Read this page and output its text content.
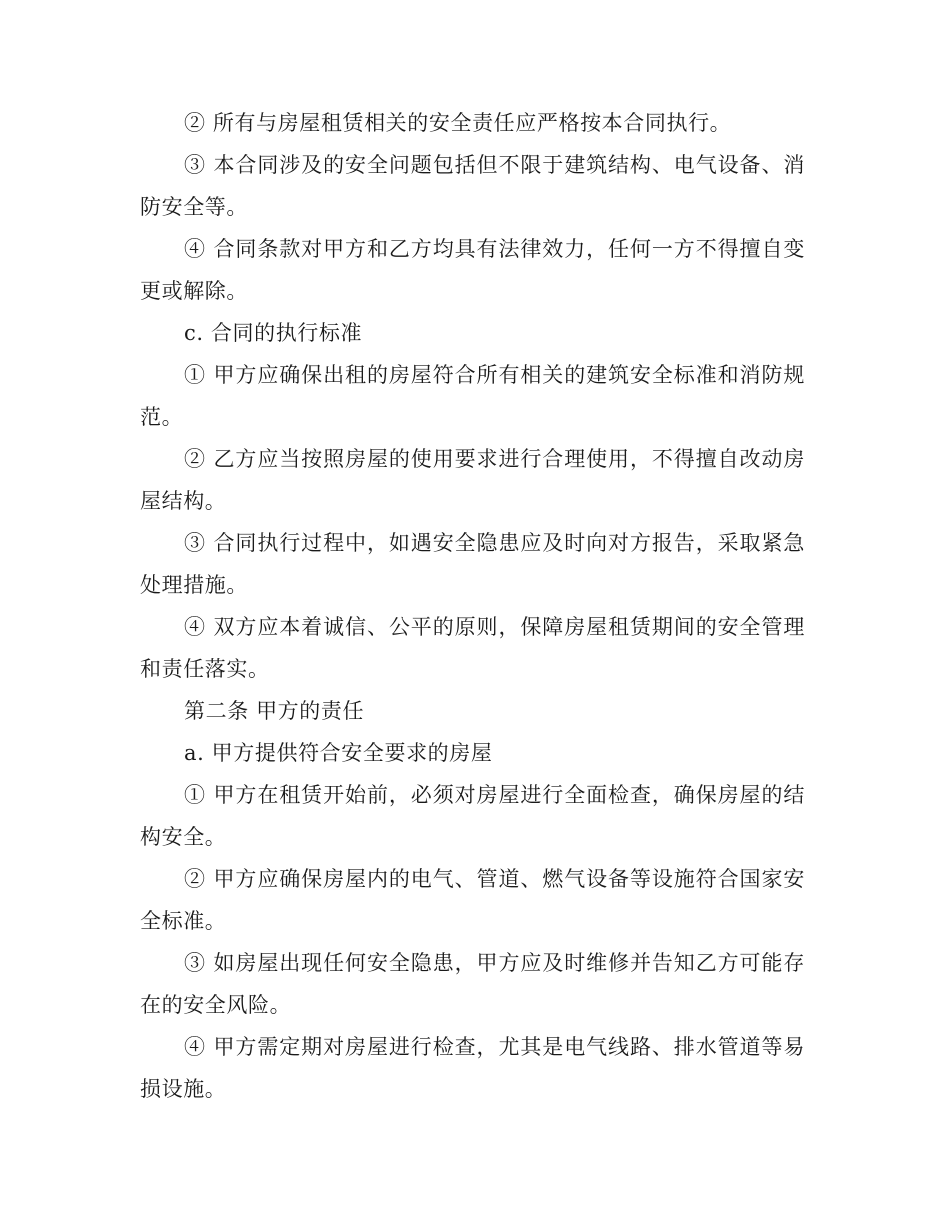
② 所有与房屋租赁相关的安全责任应严格按本合同执行。

③ 本合同涉及的安全问题包括但不限于建筑结构、电气设备、消防安全等。

④ 合同条款对甲方和乙方均具有法律效力，任何一方不得擅自变更或解除。

c. 合同的执行标准

① 甲方应确保出租的房屋符合所有相关的建筑安全标准和消防规范。

② 乙方应当按照房屋的使用要求进行合理使用，不得擅自改动房屋结构。

③ 合同执行过程中，如遇安全隐患应及时向对方报告，采取紧急处理措施。

④ 双方应本着诚信、公平的原则，保障房屋租赁期间的安全管理和责任落实。

第二条 甲方的责任

a. 甲方提供符合安全要求的房屋

① 甲方在租赁开始前，必须对房屋进行全面检查，确保房屋的结构安全。

② 甲方应确保房屋内的电气、管道、燃气设备等设施符合国家安全标准。

③ 如房屋出现任何安全隐患，甲方应及时维修并告知乙方可能存在的安全风险。

④ 甲方需定期对房屋进行检查，尤其是电气线路、排水管道等易损设施。
